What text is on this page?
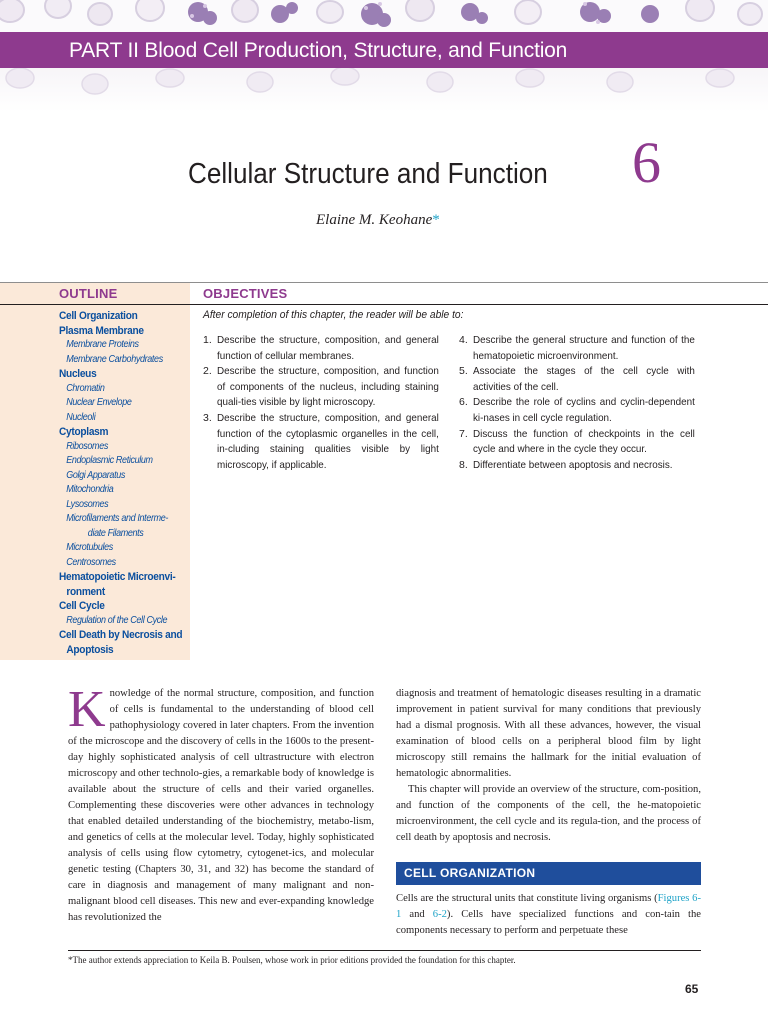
PART II Blood Cell Production, Structure, and Function
Cellular Structure and Function 6
Elaine M. Keohane*
OUTLINE
Cell Organization
Plasma Membrane
Membrane Proteins
Membrane Carbohydrates
Nucleus
Chromatin
Nuclear Envelope
Nucleoli
Cytoplasm
Ribosomes
Endoplasmic Reticulum
Golgi Apparatus
Mitochondria
Lysosomes
Microfilaments and Interme-
diate Filaments
Microtubules
Centrosomes
Hematopoietic Microenvi-
ronment
Cell Cycle
Regulation of the Cell Cycle
Cell Death by Necrosis and
Apoptosis
OBJECTIVES
After completion of this chapter, the reader will be able to:
1. Describe the structure, composition, and general function of cellular membranes.
2. Describe the structure, composition, and function of components of the nucleus, including staining quali-ties visible by light microscopy.
3. Describe the structure, composition, and general function of the cytoplasmic organelles in the cell, in-cluding staining qualities visible by light microscopy, if applicable.
4. Describe the general structure and function of the hematopoietic microenvironment.
5. Associate the stages of the cell cycle with activities of the cell.
6. Describe the role of cyclins and cyclin-dependent ki-nases in cell cycle regulation.
7. Discuss the function of checkpoints in the cell cycle and where in the cycle they occur.
8. Differentiate between apoptosis and necrosis.

Knowledge of the normal structure, composition, and function of cells is fundamental to the understanding of blood cell pathophysiology covered in later chapters. From the invention of the microscope and the discovery of cells in the 1600s to the present-day highly sophisticated analysis of cell ultrastructure with electron microscopy and other technolo-gies, a remarkable body of knowledge is available about the structure of cells and their varied organelles. Complementing these discoveries were other advances in technology that enabled detailed understanding of the biochemistry, metabo-lism, and genetics of cells at the molecular level. Today, highly sophisticated analysis of cells using flow cytometry, cytogenet-ics, and molecular genetic testing (Chapters 30, 31, and 32) has become the standard of care in diagnosis and management of many malignant and non-malignant blood cell diseases. This new and ever-expanding knowledge has revolutionized the

diagnosis and treatment of hematologic diseases resulting in a dramatic improvement in patient survival for many conditions that previously had a dismal prognosis. With all these advances, however, the visual examination of blood cells on a peripheral blood film by light microscopy still remains the hallmark for the initial evaluation of hematologic abnormalities.

This chapter will provide an overview of the structure, com-position, and function of the components of the cell, the he-matopoietic microenvironment, the cell cycle and its regula-tion, and the process of cell death by apoptosis and necrosis.

CELL ORGANIZATION

Cells are the structural units that constitute living organisms (Figures 6-1 and 6-2). Cells have specialized functions and con-tain the components necessary to perform and perpetuate these

*The author extends appreciation to Keila B. Poulsen, whose work in prior editions provided the foundation for this chapter.
65
